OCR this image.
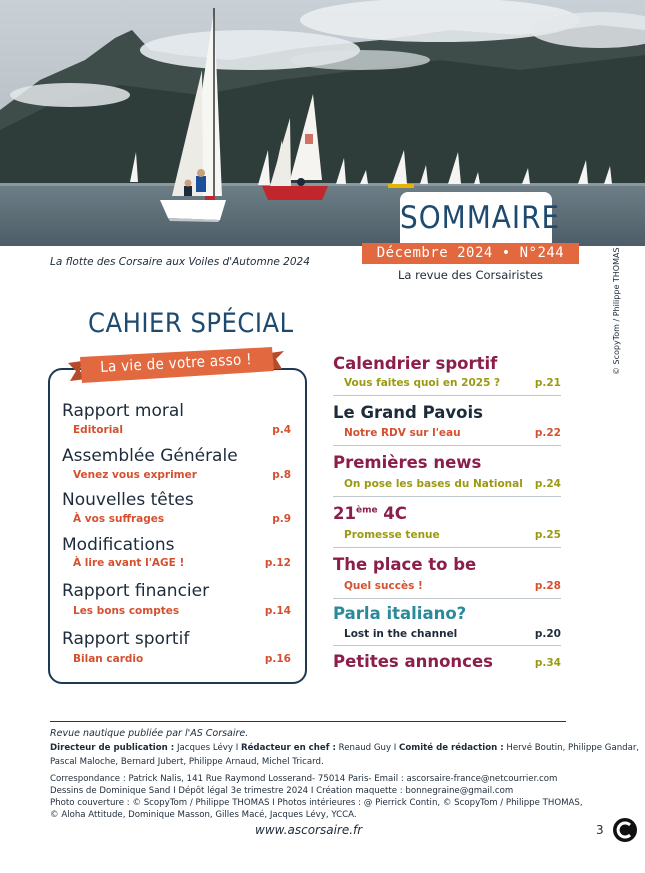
SOMMAIRE
Décembre 2024 • N°244
La revue des Corsairistes
La flotte des Corsaire aux Voiles d'Automne 2024	© ScopyTom / Philippe THOMAS
CAHIER SPÉCIAL
La vie de votre asso !
Rapport moral
Editorial	p.4
Assemblée Générale
Venez vous exprimer	p.8
Nouvelles têtes
À vos suffrages	p.9
Modifications
À lire avant l'AGE !	p.12
Rapport financier
Les bons comptes	p.14
Rapport sportif
Bilan cardio	p.16
Calendrier sportif
Vous faites quoi en 2025 ?	p.21
Le Grand Pavois
Notre RDV sur l'eau	p.22
Premières news
On pose les bases du National p.24
21ème 4C
Promesse tenue	p.25
The place to be
Quel succès !	p.28
Parla italiano?
Lost in the channel	p.20
Petites annonces	p.34
Revue nautique publiée par l'AS Corsaire.
Directeur de publication : Jacques Lévy I Rédacteur en chef : Renaud Guy I Comité de rédaction : Hervé Boutin, Philippe Gandar,
Pascal Maloche, Bernard Jubert, Philippe Arnaud, Michel Tricard.
Correspondance : Patrick Nalis, 141 Rue Raymond Losserand- 75014 Paris- Email : ascorsaire-france@netcourrier.com
Dessins de Dominique Sand I Dépôt légal 3e trimestre 2024 I Création maquette : bonnegraine@gmail.com
Photo couverture : © ScopyTom / Philippe THOMAS I Photos intérieures : @ Pierrick Contin, © ScopyTom / Philippe THOMAS,
© Aloha Attitude, Dominique Masson, Gilles Macé, Jacques Lévy, YCCA.
www.ascorsaire.fr	3
